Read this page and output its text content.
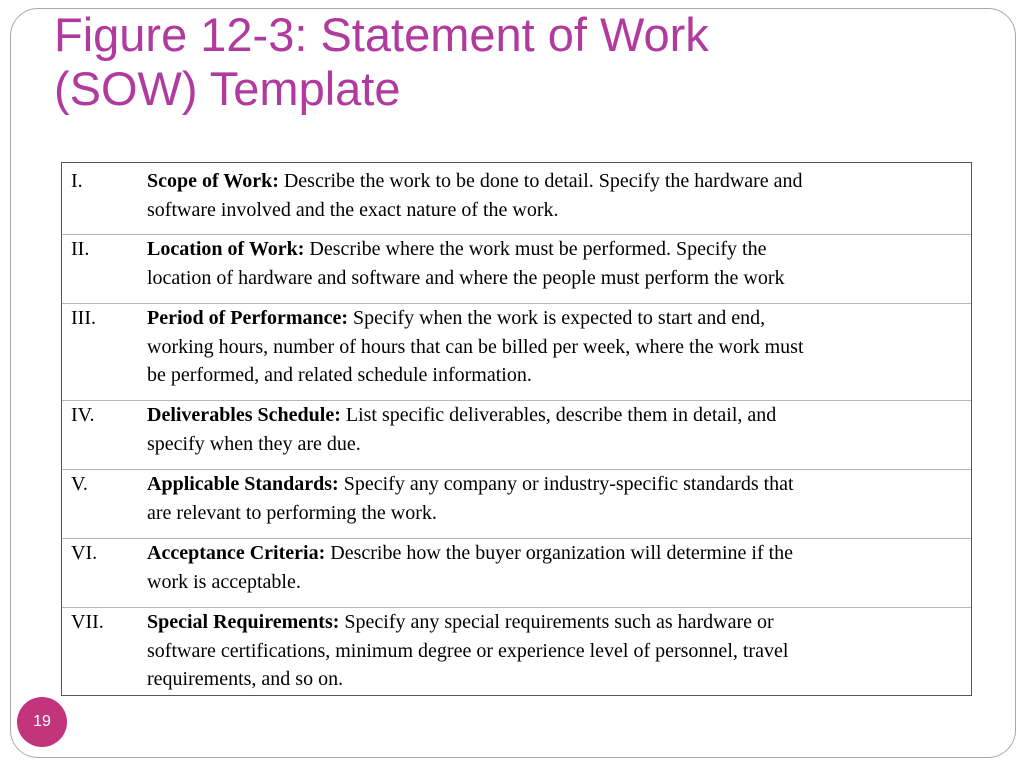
Figure 12-3: Statement of Work
(SOW) Template
I.	Scope of Work: Describe the work to be done to detail. Specify the hardware and
software involved and the exact nature of the work.
II.	Location of Work: Describe where the work must be performed. Specify the
location of hardware and software and where the people must perform the work
III.	Period of Performance: Specify when the work is expected to start and end,
working hours, number of hours that can be billed per week, where the work must
be performed, and related schedule information.
IV.	Deliverables Schedule: List specific deliverables, describe them in detail, and
specify when they are due.
V.	Applicable Standards: Specify any company or industry-specific standards that
are relevant to performing the work.
VI. Acceptance Criteria: Describe how the buyer organization will determine if the
work is acceptable.
VII. Special Requirements: Specify any special requirements such as hardware or
software certifications, minimum degree or experience level of personnel, travel
requirements, and so on.
19
